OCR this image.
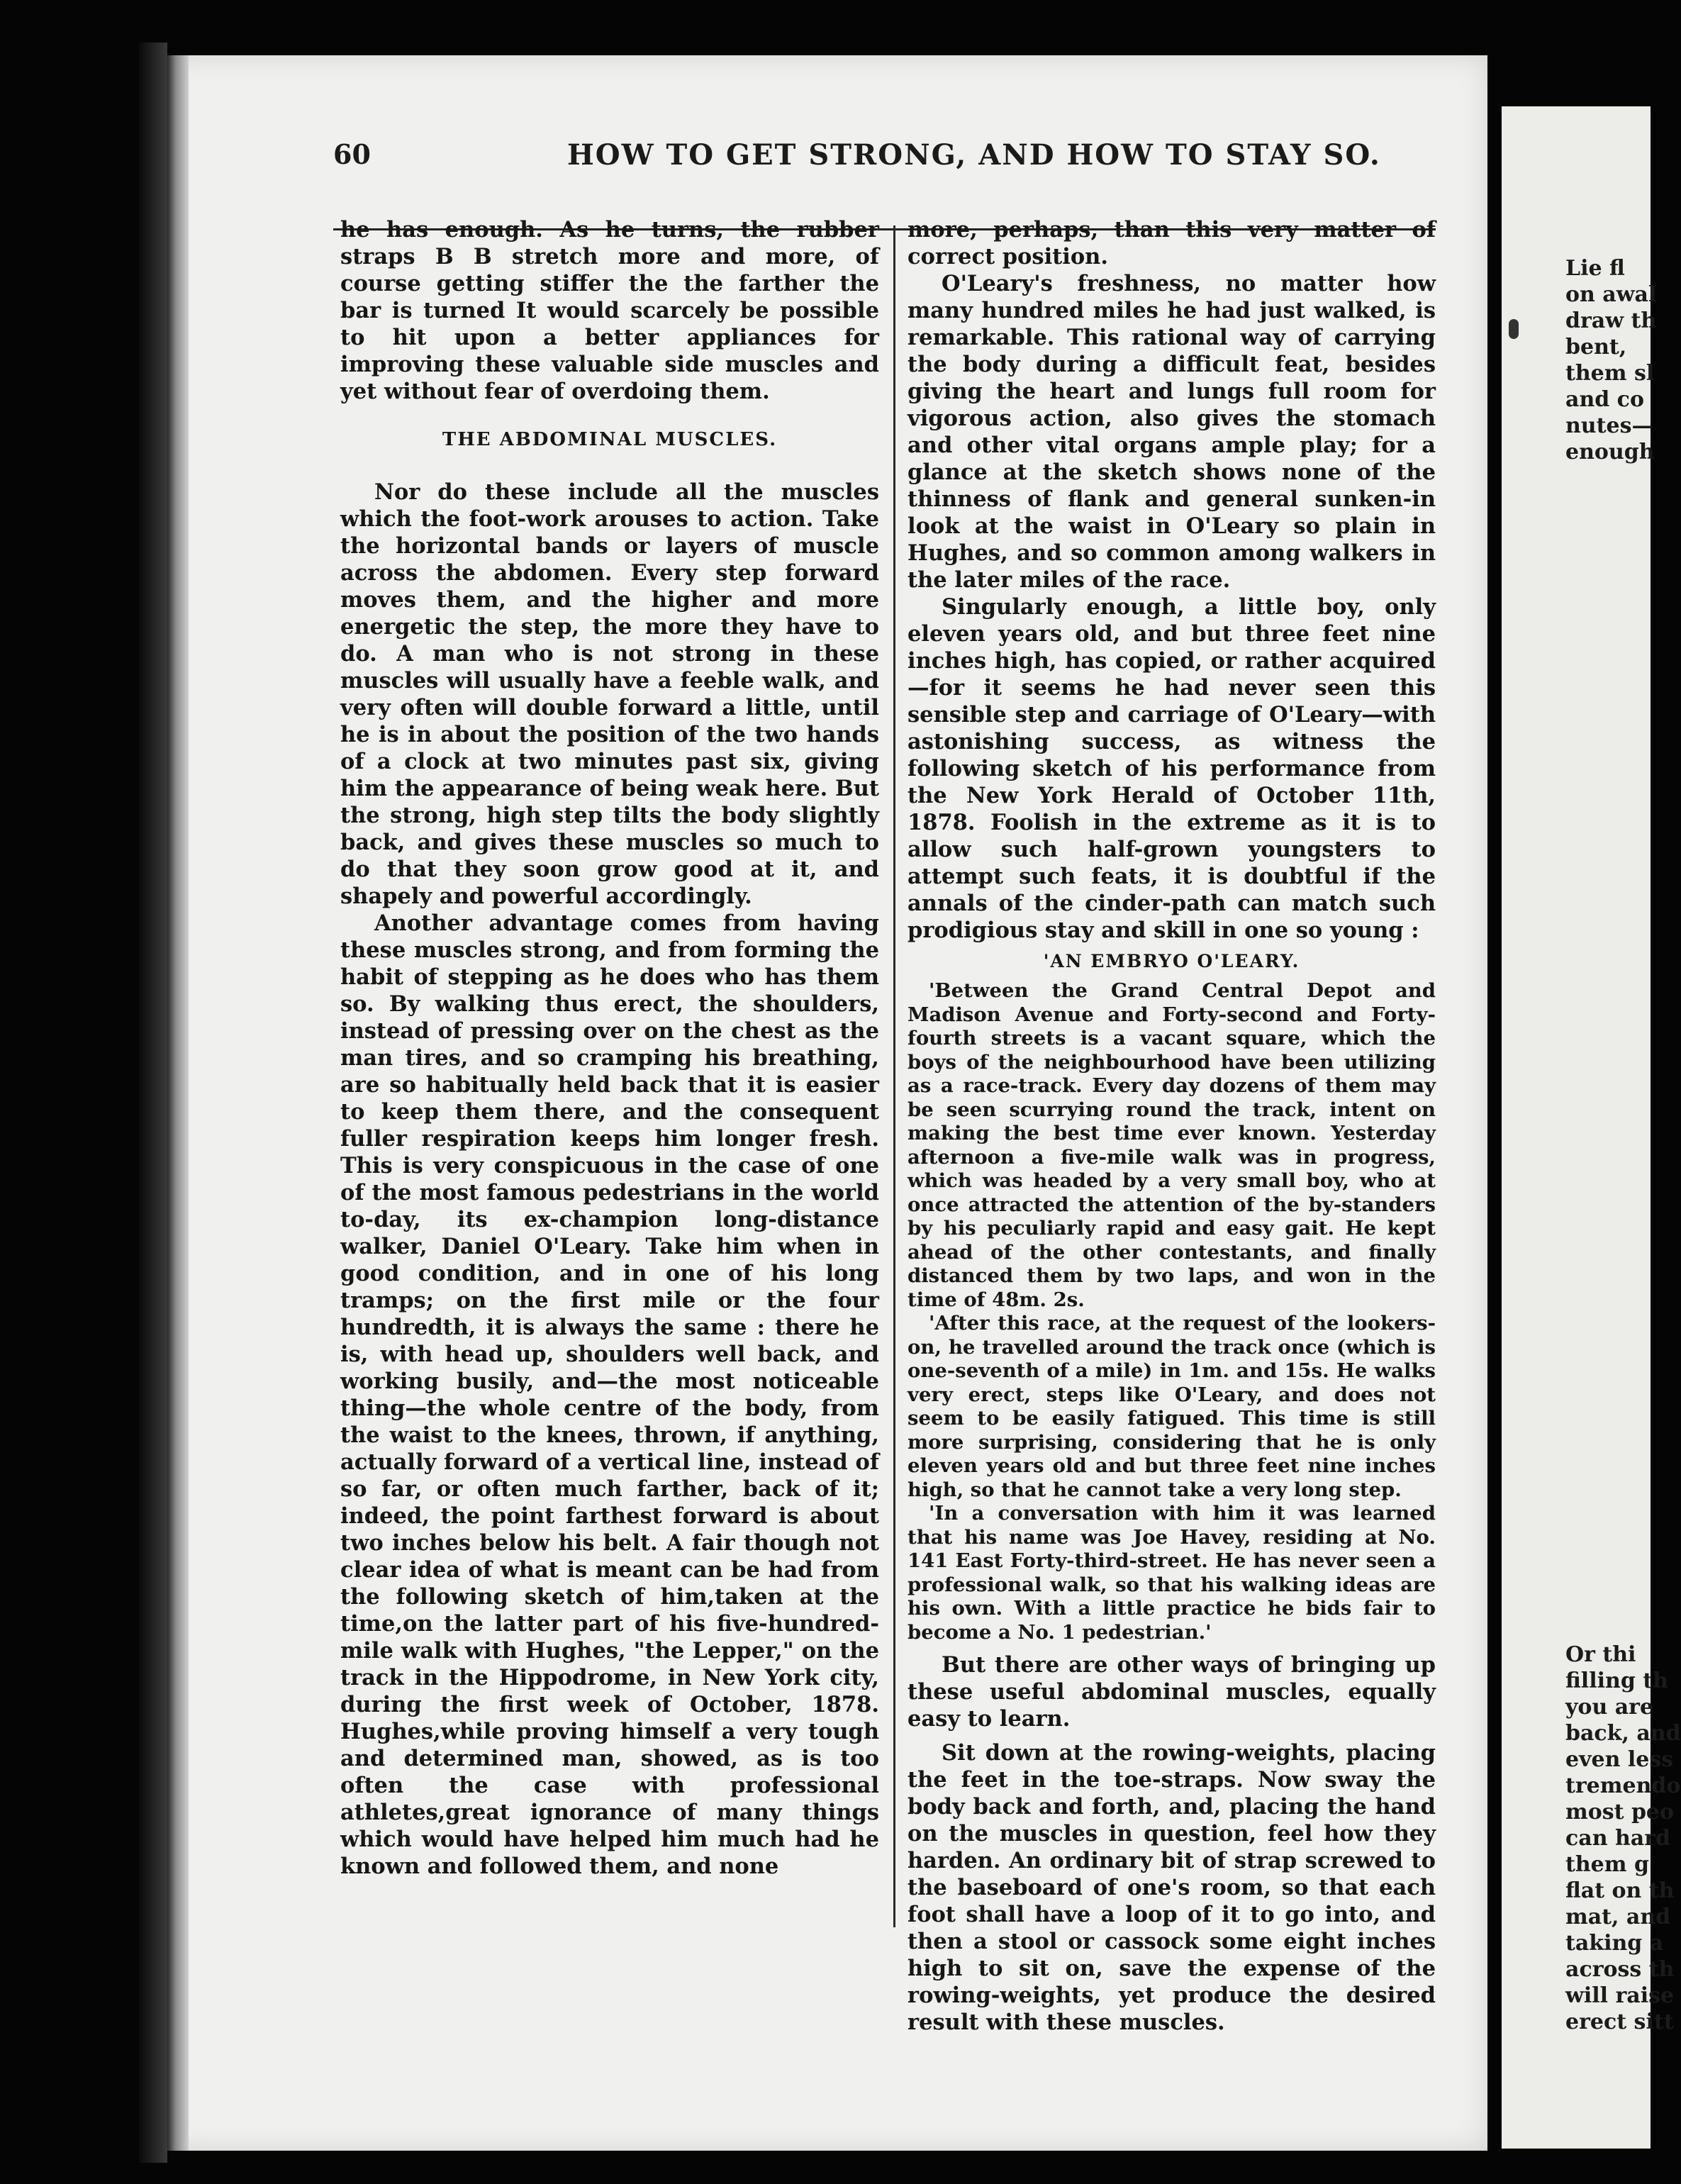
60	HOW TO GET STRONG, AND HOW TO STAY SO.

he has enough. As he turns, the rubber straps B B stretch more and more, of course getting stiffer the the farther the bar is turned It would scarcely be possible to hit upon a better appliances for improving these valuable side muscles and yet without fear of overdoing them.

THE ABDOMINAL MUSCLES.

Nor do these include all the muscles which the foot-work arouses to action. Take the horizontal bands or layers of muscle across the abdomen. Every step forward moves them, and the higher and more energetic the step, the more they have to do. A man who is not strong in these muscles will usually have a feeble walk, and very often will double forward a little, until he is in about the position of the two hands of a clock at two minutes past six, giving him the appearance of being weak here. But the strong, high step tilts the body slightly back, and gives these muscles so much to do that they soon grow good at it, and shapely and powerful accordingly.

Another advantage comes from having these muscles strong, and from forming the habit of stepping as he does who has them so. By walking thus erect, the shoulders, instead of pressing over on the chest as the man tires, and so cramping his breathing, are so habitually held back that it is easier to keep them there, and the consequent fuller respiration keeps him longer fresh. This is very conspicuous in the case of one of the most famous pedestrians in the world to-day, its ex-champion long-distance walker, Daniel O'Leary. Take him when in good condition, and in one of his long tramps; on the first mile or the four hundredth, it is always the same : there he is, with head up, shoulders well back, and working busily, and—the most noticeable thing—the whole centre of the body, from the waist to the knees, thrown, if anything, actually forward of a vertical line, instead of so far, or often much farther, back of it; indeed, the point farthest forward is about two inches below his belt. A fair though not clear idea of what is meant can be had from the following sketch of him,taken at the time,on the latter part of his five-hundred-mile walk with Hughes, "the Lepper," on the track in the Hippodrome, in New York city, during the first week of October, 1878. Hughes,while proving himself a very tough and determined man, showed, as is too often the case with professional athletes,great ignorance of many things which would have helped him much had he known and followed them, and none

more, perhaps, than this very matter of correct position.

O'Leary's freshness, no matter how many hundred miles he had just walked, is remarkable. This rational way of carrying the body during a difficult feat, besides giving the heart and lungs full room for vigorous action, also gives the stomach and other vital organs ample play; for a glance at the sketch shows none of the thinness of flank and general sunken-in look at the waist in O'Leary so plain in Hughes, and so common among walkers in the later miles of the race.

Singularly enough, a little boy, only eleven years old, and but three feet nine inches high, has copied, or rather acquired—for it seems he had never seen this sensible step and carriage of O'Leary—with astonishing success, as witness the following sketch of his performance from the New York Herald of October 11th, 1878. Foolish in the extreme as it is to allow such half-grown youngsters to attempt such feats, it is doubtful if the annals of the cinder-path can match such prodigious stay and skill in one so young :

'AN EMBRYO O'LEARY.

'Between the Grand Central Depot and Madison Avenue and Forty-second and Forty-fourth streets is a vacant square, which the boys of the neighbourhood have been utilizing as a race-track. Every day dozens of them may be seen scurrying round the track, intent on making the best time ever known. Yesterday afternoon a five-mile walk was in progress, which was headed by a very small boy, who at once attracted the attention of the by-standers by his peculiarly rapid and easy gait. He kept ahead of the other contestants, and finally distanced them by two laps, and won in the time of 48m. 2s.

'After this race, at the request of the lookers-on, he travelled around the track once (which is one-seventh of a mile) in 1m. and 15s. He walks very erect, steps like O'Leary, and does not seem to be easily fatigued. This time is still more surprising, considering that he is only eleven years old and but three feet nine inches high, so that he cannot take a very long step.

'In a conversation with him it was learned that his name was Joe Havey, residing at No. 141 East Forty-third-street. He has never seen a professional walk, so that his walking ideas are his own. With a little practice he bids fair to become a No. 1 pedestrian.'

But there are other ways of bringing up these useful abdominal muscles, equally easy to learn.

Sit down at the rowing-weights, placing the feet in the toe-straps. Now sway the body back and forth, and, placing the hand on the muscles in question, feel how they harden. An ordinary bit of strap screwed to the baseboard of one's room, so that each foot shall have a loop of it to go into, and then a stool or cassock some eight inches high to sit on, save the expense of the rowing-weights, yet produce the desired result with these muscles.

Lie fl
on awal
draw th
bent,
them sl
and co
nutes—
enough
Or thi
filling th
you are
back, and
even less
tremendo
most peo
can hard
them g
flat on th
mat, and
taking a
across th
will raise
erect sitt
